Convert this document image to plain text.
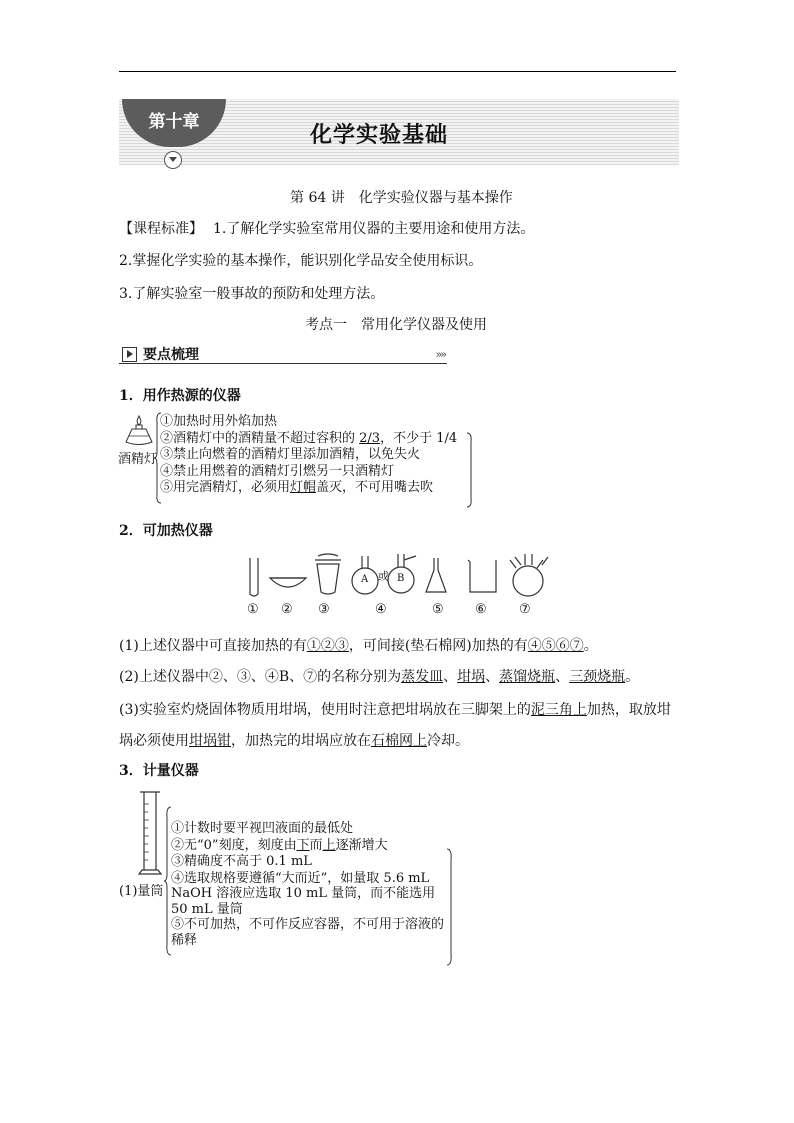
第十章	化学实验基础
第 64 讲　化学实验仪器与基本操作
【课程标准】 1.了解化学实验室常用仪器的主要用途和使用方法。
2.掌握化学实验的基本操作，能识别化学品安全使用标识。
3.了解实验室一般事故的预防和处理方法。
考点一　常用化学仪器及使用
要点梳理	»»
1．用作热源的仪器
酒精灯
①加热时用外焰加热
②酒精灯中的酒精量不超过容积的 2/3，不少于 1/4
③禁止向燃着的酒精灯里添加酒精，以免失火
④禁止用燃着的酒精灯引燃另一只酒精灯
⑤用完酒精灯，必须用灯帽盖灭，不可用嘴去吹
2．可加热仪器
A	B
或
① ② ③	④	⑤ ⑥ ⑦
(1)上述仪器中可直接加热的有①②③，可间接(垫石棉网)加热的有④⑤⑥⑦。
(2)上述仪器中②、③、④B、⑦的名称分别为蒸发皿、坩埚、蒸馏烧瓶、三颈烧瓶。
(3)实验室灼烧固体物质用坩埚，使用时注意把坩埚放在三脚架上的泥三角上加热，取放坩
埚必须使用坩埚钳，加热完的坩埚应放在石棉网上冷却。
3．计量仪器
(1)量筒
①计数时要平视凹液面的最低处
②无“0”刻度，刻度由下而上逐渐增大
③精确度不高于 0.1 mL
④选取规格要遵循“大而近”，如量取 5.6 mL NaOH 溶液应选取 10 mL 量筒，而不能选用 50 mL 量筒
⑤不可加热，不可作反应容器，不可用于溶液的稀释
